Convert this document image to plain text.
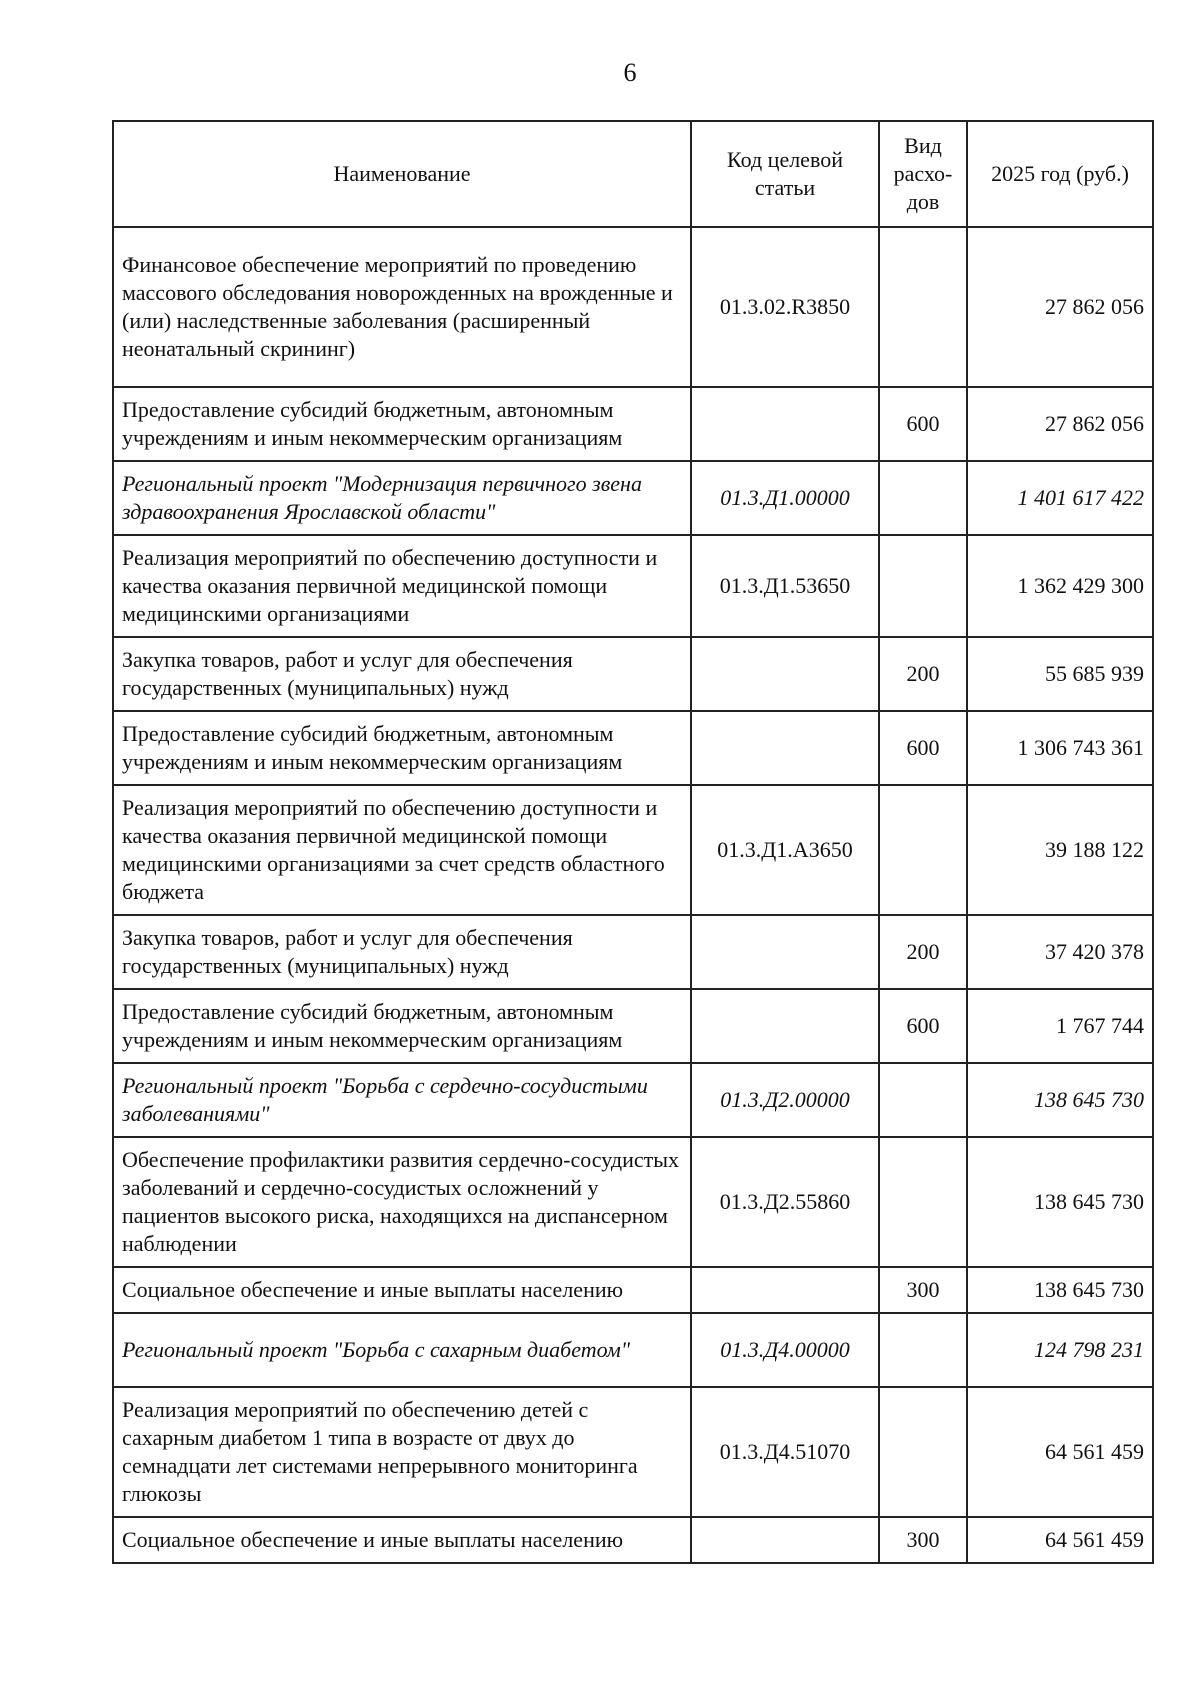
6
Наименование	Код целевой статьи	Вид расхо-дов	2025 год (руб.)
Финансовое обеспечение мероприятий по проведению массового обследования новорожденных на врожденные и (или) наследственные заболевания (расширенный неонатальный скрининг)	01.3.02.R3850		27 862 056
Предоставление субсидий бюджетным, автономным учреждениям и иным некоммерческим организациям		600	27 862 056
Региональный проект "Модернизация первичного звена здравоохранения Ярославской области"	01.3.Д1.00000		1 401 617 422
Реализация мероприятий по обеспечению доступности и качества оказания первичной медицинской помощи медицинскими организациями	01.3.Д1.53650		1 362 429 300
Закупка товаров, работ и услуг для обеспечения государственных (муниципальных) нужд		200	55 685 939
Предоставление субсидий бюджетным, автономным учреждениям и иным некоммерческим организациям		600	1 306 743 361
Реализация мероприятий по обеспечению доступности и качества оказания первичной медицинской помощи медицинскими организациями за счет средств областного бюджета	01.3.Д1.А3650		39 188 122
Закупка товаров, работ и услуг для обеспечения государственных (муниципальных) нужд		200	37 420 378
Предоставление субсидий бюджетным, автономным учреждениям и иным некоммерческим организациям		600	1 767 744
Региональный проект "Борьба с сердечно-сосудистыми заболеваниями"	01.3.Д2.00000		138 645 730
Обеспечение профилактики развития сердечно-сосудистых заболеваний и сердечно-сосудистых осложнений у пациентов высокого риска, находящихся на диспансерном наблюдении	01.3.Д2.55860		138 645 730
Социальное обеспечение и иные выплаты населению		300	138 645 730
Региональный проект "Борьба с сахарным диабетом"	01.3.Д4.00000		124 798 231
Реализация мероприятий по обеспечению детей с сахарным диабетом 1 типа в возрасте от двух до семнадцати лет системами непрерывного мониторинга глюкозы	01.3.Д4.51070		64 561 459
Социальное обеспечение и иные выплаты населению		300	64 561 459
